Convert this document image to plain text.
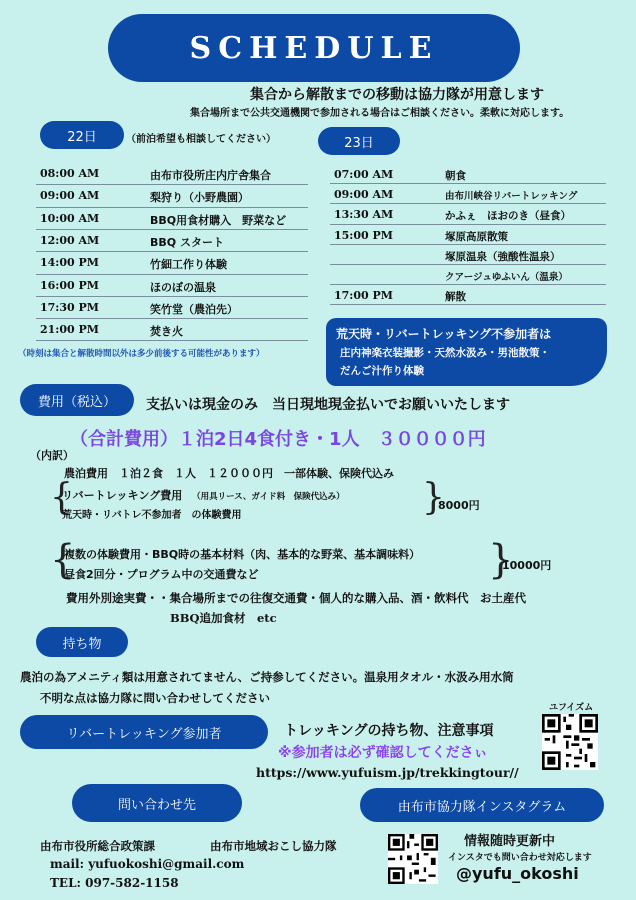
SCHEDULE
集合から解散までの移動は協力隊が用意します
集合場所まで公共交通機関で参加される場合はご相談ください。柔軟に対応します。
22日	（前泊希望も相談してください）
08:00 AM	由布市役所庄内庁舎集合
09:00 AM	梨狩り（小野農園）
10:00 AM	BBQ用食材購入　野菜など
12:00 AM	BBQ スタート
14:00 PM	竹細工作り体験
16:00 PM	ほのぼの温泉
17:30 PM	笑竹堂（農泊先）
21:00 PM	焚き火
（時刻は集合と解散時間以外は多少前後する可能性があります）
23日
07:00 AM	朝食
09:00 AM	由布川峡谷リバートレッキング
13:30 AM	かふぇ　ほおのき（昼食）
15:00 PM	塚原高原散策
塚原温泉（強酸性温泉）
クアージュゆふいん（温泉）
17:00 PM	解散
荒天時・リバートレッキング不参加者は
庄内神楽衣装撮影・天然水汲み・男池散策・
だんご汁作り体験
費用（税込） 支払いは現金のみ　当日現地現金払いでお願いいたします
（合計費用）１泊2日4食付き・1人　３００００円
（内訳）
農泊費用　１泊２食　１人　１２０００円　一部体験、保険代込み
{
リバートレッキング費用 （用具リース、ガイド料　保険代込み）
荒天時・リバトレ不参加者　の体験費用	}
8000円
{
複数の体験費用・BBQ時の基本材料（肉、基本的な野菜、基本調味料）
昼食2回分・プログラム中の交通費など	}
10000円
費用外別途実費・・集合場所までの往復交通費・個人的な購入品、酒・飲料代　お土産代
BBQ追加食材　etc
持ち物
農泊の為アメニティ類は用意されてません、ご持参してください。温泉用タオル・水汲み用水筒
不明な点は協力隊に問い合わせしてください
リバートレッキング参加者	トレッキングの持ち物、注意事項
※参加者は必ず確認してくださぃ
https://www.yufuism.jp/trekkingtour//
ユフイズム
問い合わせ先
由布市役所総合政策課	由布市地域おこし協力隊
mail: yufuokoshi@gmail.com
TEL: 097-582-1158
由布市協力隊インスタグラム
情報随時更新中
インスタでも問い合わせ対応します
@yufu_okoshi
